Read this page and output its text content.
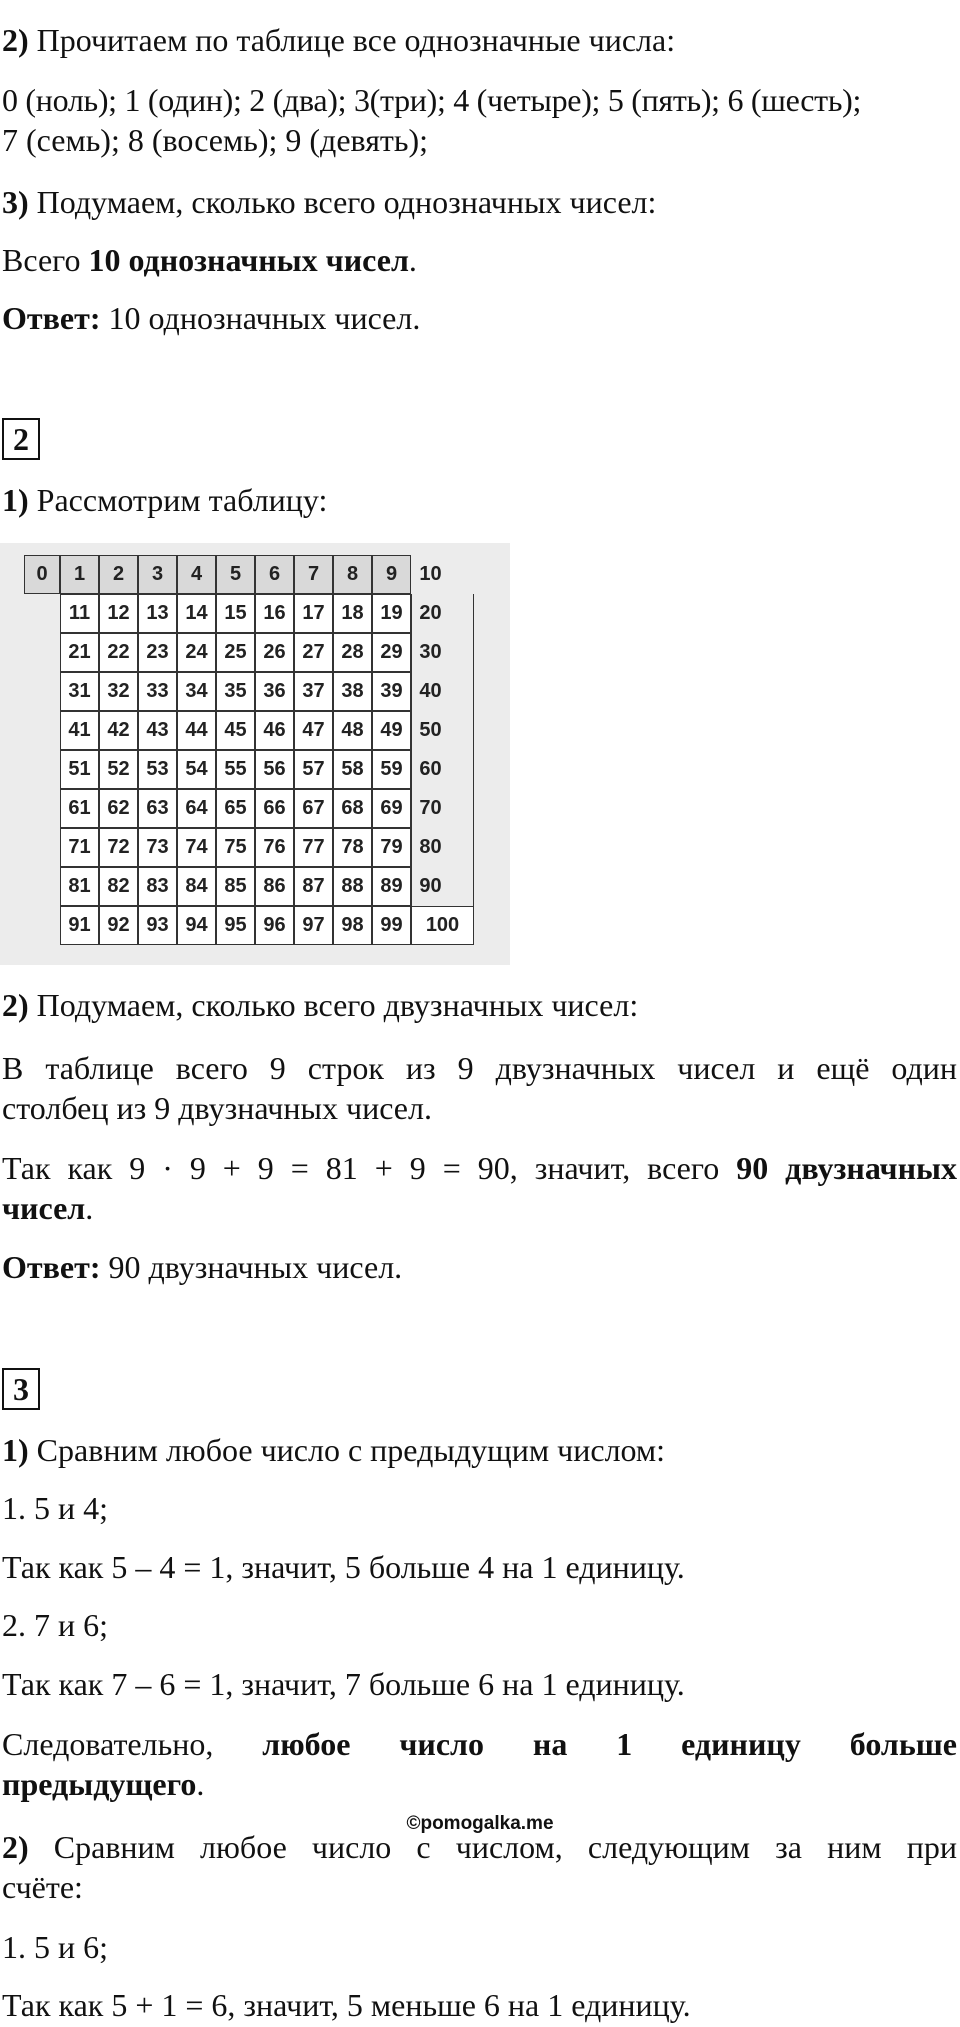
2) Прочитаем по таблице все однозначные числа:
0 (ноль); 1 (один); 2 (два); 3(три); 4 (четыре); 5 (пять); 6 (шесть);
7 (семь); 8 (восемь); 9 (девять);
3) Подумаем, сколько всего однозначных чисел:
Всего 10 однозначных чисел.
Ответ: 10 однозначных чисел.
2
1) Рассмотрим таблицу:
0	1	2	3	4	5	6	7	8	9	10
11 12 13 14 15 16 17 18 19 20
21 22 23 24 25 26 27 28 29 30
31 32 33 34 35 36 37 38 39 40
41 42 43 44 45 46 47 48 49 50
51 52 53 54 55 56 57 58 59 60
61 62 63 64 65 66 67 68 69 70
71 72 73 74 75 76 77 78 79 80
81 82 83 84 85 86 87 88 89 90
91 92 93 94 95 96 97 98 99	100
2) Подумаем, сколько всего двузначных чисел:
В таблице всего 9 строк из 9 двузначных чисел и ещё один
столбец из 9 двузначных чисел.
Так как 9 · 9 + 9 = 81 + 9 = 90, значит, всего 90 двузначных
чисел.
Ответ: 90 двузначных чисел.
3
1) Сравним любое число с предыдущим числом:
1. 5 и 4;
Так как 5 – 4 = 1, значит, 5 больше 4 на 1 единицу.
2. 7 и 6;
Так как 7 – 6 = 1, значит, 7 больше 6 на 1 единицу.
Следовательно, любое число на 1 единицу больше
предыдущего.
©pomogalka.me
2) Сравним любое число с числом, следующим за ним при
счёте:
1. 5 и 6;
Так как 5 + 1 = 6, значит, 5 меньше 6 на 1 единицу.
